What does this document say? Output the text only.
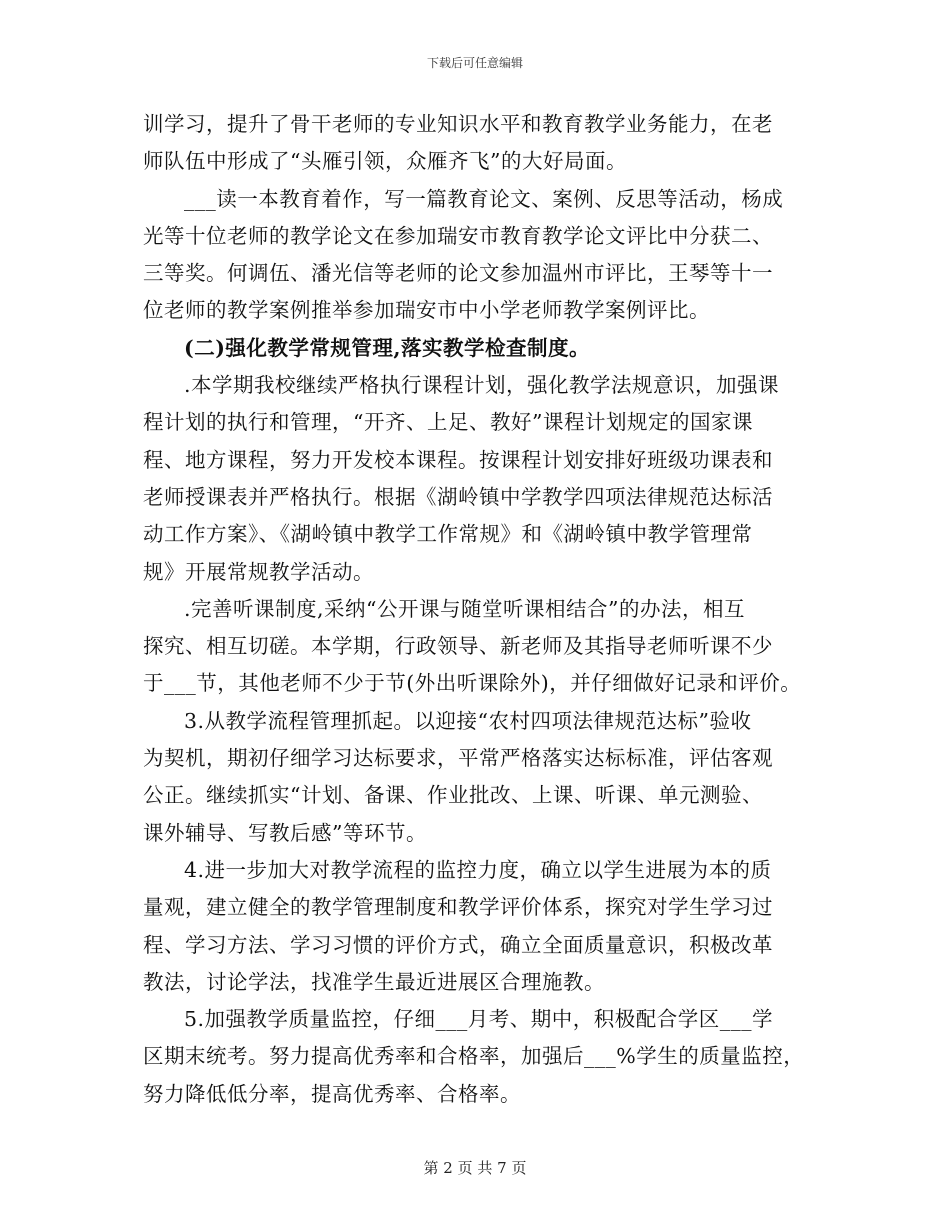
下载后可任意编辑
训学习，提升了骨干老师的专业知识水平和教育教学业务能力，在老
师队伍中形成了“头雁引领，众雁齐飞”的大好局面。
___读一本教育着作，写一篇教育论文、案例、反思等活动，杨成
光等十位老师的教学论文在参加瑞安市教育教学论文评比中分获二、
三等奖。何调伍、潘光信等老师的论文参加温州市评比，王琴等十一
位老师的教学案例推举参加瑞安市中小学老师教学案例评比。
(二)强化教学常规管理,落实教学检查制度。
.本学期我校继续严格执行课程计划，强化教学法规意识，加强课
程计划的执行和管理，“开齐、上足、教好”课程计划规定的国家课
程、地方课程，努力开发校本课程。按课程计划安排好班级功课表和
老师授课表并严格执行。根据《湖岭镇中学教学四项法律规范达标活
动工作方案》、《湖岭镇中教学工作常规》和《湖岭镇中教学管理常
规》开展常规教学活动。
.完善听课制度,采纳“公开课与随堂听课相结合”的办法，相互
探究、相互切磋。本学期，行政领导、新老师及其指导老师听课不少
于___节，其他老师不少于节(外出听课除外)，并仔细做好记录和评价。
3.从教学流程管理抓起。以迎接“农村四项法律规范达标”验收
为契机，期初仔细学习达标要求，平常严格落实达标标准，评估客观
公正。继续抓实“计划、备课、作业批改、上课、听课、单元测验、
课外辅导、写教后感”等环节。
4.进一步加大对教学流程的监控力度，确立以学生进展为本的质
量观，建立健全的教学管理制度和教学评价体系，探究对学生学习过
程、学习方法、学习习惯的评价方式，确立全面质量意识，积极改革
教法，讨论学法，找准学生最近进展区合理施教。
5.加强教学质量监控，仔细___月考、期中，积极配合学区___学
区期末统考。努力提高优秀率和合格率，加强后___%学生的质量监控，
努力降低低分率，提高优秀率、合格率。
第 2 页 共 7 页
